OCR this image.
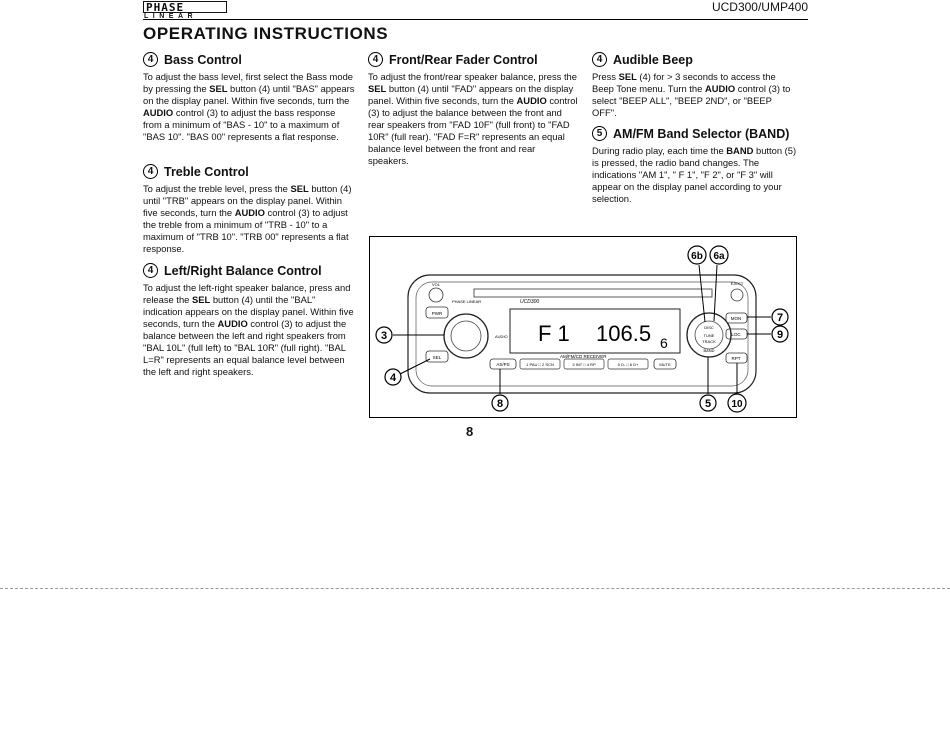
PHASE
LINEAR
UCD300/UMP400
OPERATING INSTRUCTIONS
4 Bass Control
To adjust the bass level, first select the Bass mode by pressing the SEL button (4) until "BAS" appears on the display panel. Within five seconds, turn the AUDIO control (3) to adjust the bass response from a minimum of "BAS - 10" to a maximum of "BAS 10". "BAS 00" represents a flat response.
4 Treble Control
To adjust the treble level, press the SEL button (4) until "TRB" appears on the display panel. Within five seconds, turn the AUDIO control (3) to adjust the treble from a minimum of "TRB - 10" to a maximum of "TRB 10". "TRB 00" represents a flat response.
4 Left/Right Balance Control
To adjust the left-right speaker balance, press and release the SEL button (4) until the "BAL" indication appears on the display panel. Within five seconds, turn the AUDIO control (3) to adjust the balance between the left and right speakers from "BAL 10L" (full left) to "BAL 10R" (full right). "BAL L=R" represents an equal balance level between the left and right speakers.
4 Front/Rear Fader Control
To adjust the front/rear speaker balance, press the SEL button (4) until "FAD" appears on the display panel. Within five seconds, turn the AUDIO control (3) to adjust the balance between the front and rear speakers from "FAD 10F" (full front) to "FAD 10R" (full rear). "FAD F=R" represents an equal balance level between the front and rear speakers.
4 Audible Beep
Press SEL (4) for > 3 seconds to access the Beep Tone menu. Turn the AUDIO control (3) to select "BEEP ALL", "BEEP 2ND", or "BEEP OFF".
5 AM/FM Band Selector (BAND)
During radio play, each time the BAND button (5) is pressed, the radio band changes. The indications "AM 1", " F 1", "F 2", or "F 3" will appear on the display panel according to your selection.
VOL
PWR
SEL
PHASE LINEAR
AUDIO
UCD300
F 1 106.5 6
AM/FM/CD RECEIVER
DISC
TUNE
TRACK
BAND
EJECT
MON
LOC
RPT
AS/PS	1 PAU □ 2 SCN	3 INT □ 4 RP	5 D- □ 6 D+	MUTE
3
4
6b 6a
7
9
8	5 10
8
